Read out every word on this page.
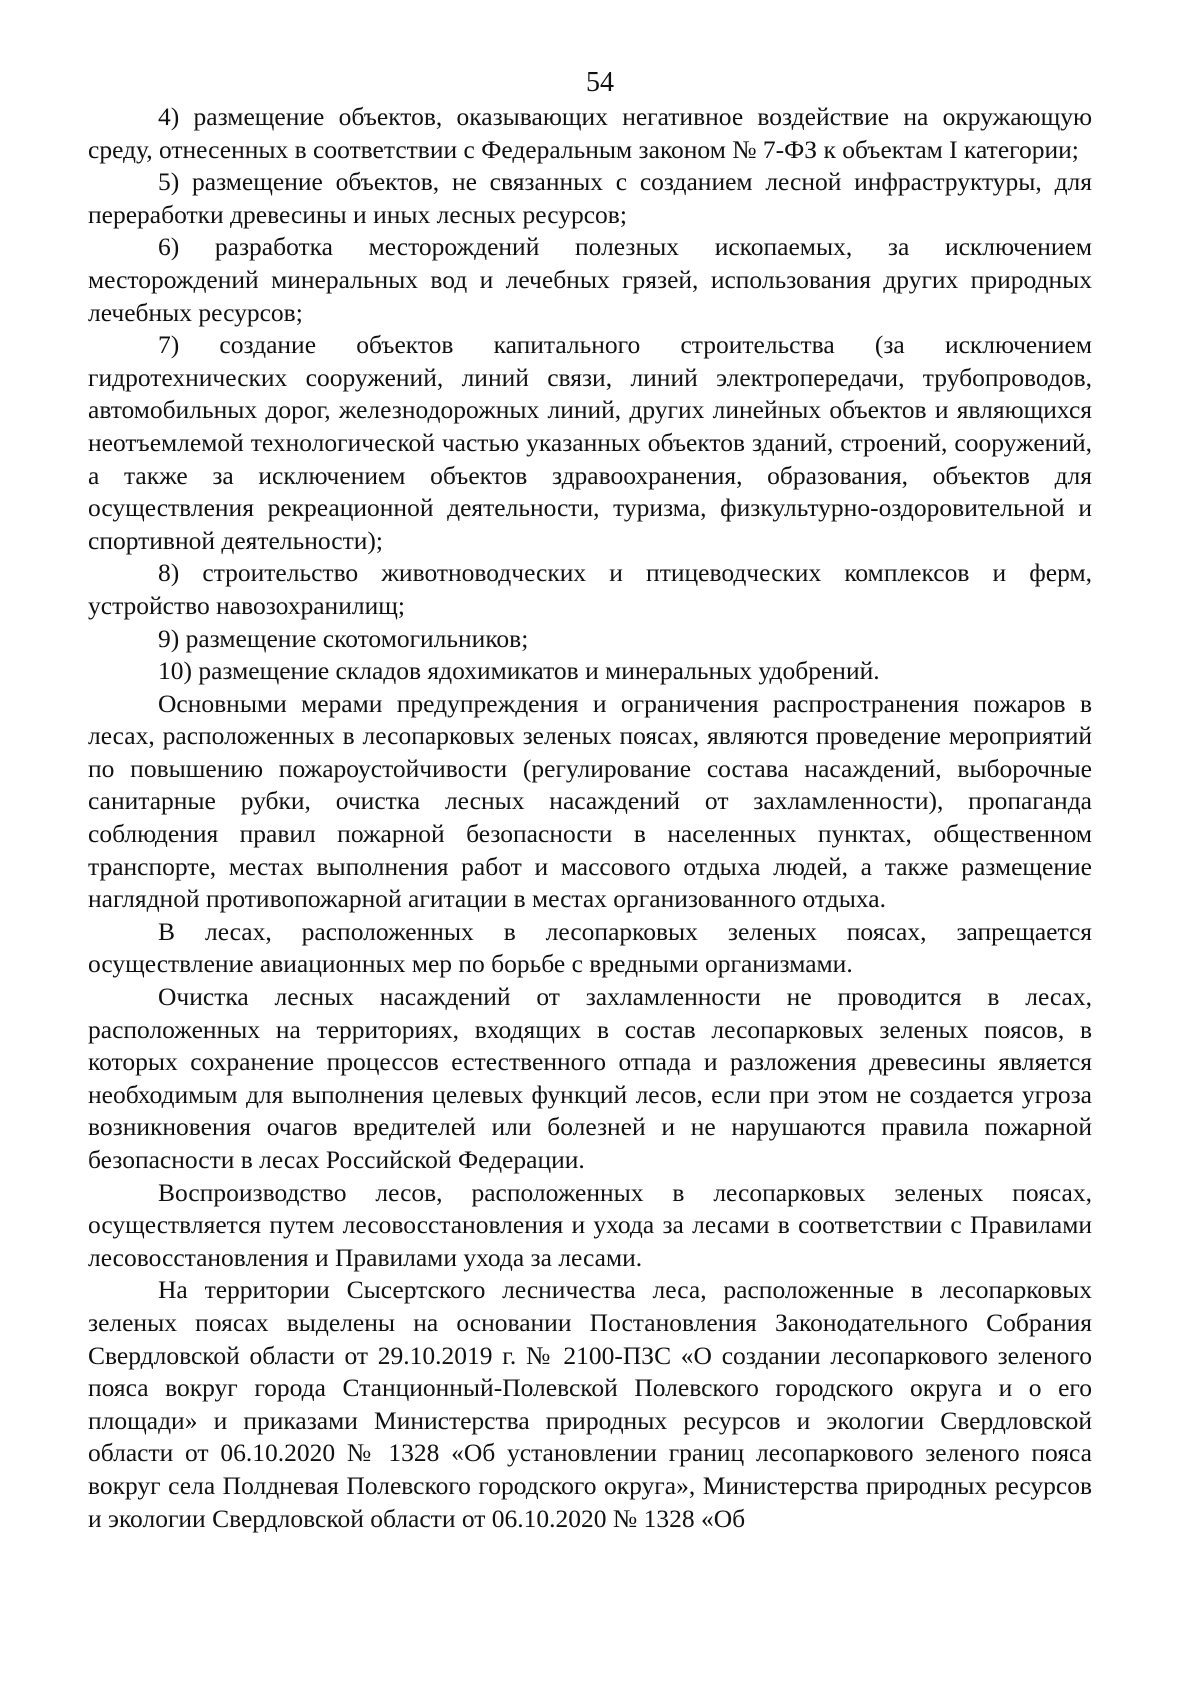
54

4) размещение объектов, оказывающих негативное воздействие на окружающую среду, отнесенных в соответствии с Федеральным законом № 7-ФЗ к объектам I категории;

5) размещение объектов, не связанных с созданием лесной инфраструктуры, для переработки древесины и иных лесных ресурсов;

6) разработка месторождений полезных ископаемых, за исключением месторождений минеральных вод и лечебных грязей, использования других природных лечебных ресурсов;

7) создание объектов капитального строительства (за исключением гидротехнических сооружений, линий связи, линий электропередачи, трубопроводов, автомобильных дорог, железнодорожных линий, других линейных объектов и являющихся неотъемлемой технологической частью указанных объектов зданий, строений, сооружений, а также за исключением объектов здравоохранения, образования, объектов для осуществления рекреационной деятельности, туризма, физкультурно-оздоровительной и спортивной деятельности);

8) строительство животноводческих и птицеводческих комплексов и ферм, устройство навозохранилищ;

9) размещение скотомогильников;

10) размещение складов ядохимикатов и минеральных удобрений.

Основными мерами предупреждения и ограничения распространения пожаров в лесах, расположенных в лесопарковых зеленых поясах, являются проведение мероприятий по повышению пожароустойчивости (регулирование состава насаждений, выборочные санитарные рубки, очистка лесных насаждений от захламленности), пропаганда соблюдения правил пожарной безопасности в населенных пунктах, общественном транспорте, местах выполнения работ и массового отдыха людей, а также размещение наглядной противопожарной агитации в местах организованного отдыха.

В лесах, расположенных в лесопарковых зеленых поясах, запрещается осуществление авиационных мер по борьбе с вредными организмами.

Очистка лесных насаждений от захламленности не проводится в лесах, расположенных на территориях, входящих в состав лесопарковых зеленых поясов, в которых сохранение процессов естественного отпада и разложения древесины является необходимым для выполнения целевых функций лесов, если при этом не создается угроза возникновения очагов вредителей или болезней и не нарушаются правила пожарной безопасности в лесах Российской Федерации.

Воспроизводство лесов, расположенных в лесопарковых зеленых поясах, осуществляется путем лесовосстановления и ухода за лесами в соответствии с Правилами лесовосстановления и Правилами ухода за лесами.

На территории Сысертского лесничества леса, расположенные в лесопарковых зеленых поясах выделены на основании Постановления Законодательного Собрания Свердловской области от 29.10.2019 г. № 2100-ПЗС «О создании лесопаркового зеленого пояса вокруг города Станционный-Полевской Полевского городского округа и о его площади» и приказами Министерства природных ресурсов и экологии Свердловской области от 06.10.2020 № 1328 «Об установлении границ лесопаркового зеленого пояса вокруг села Полдневая Полевского городского округа», Министерства природных ресурсов и экологии Свердловской области от 06.10.2020 № 1328 «Об
